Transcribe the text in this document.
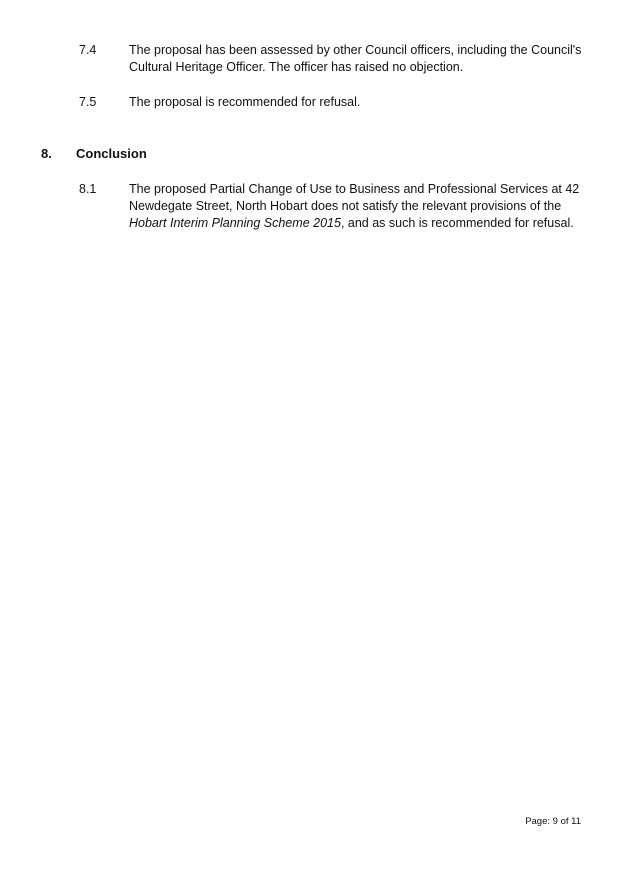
7.4	The proposal has been assessed by other Council officers, including the Council's
Cultural Heritage Officer. The officer has raised no objection.
7.5	The proposal is recommended for refusal.
8. Conclusion
8.1	The proposed Partial Change of Use to Business and Professional Services at 42
Newdegate Street, North Hobart does not satisfy the relevant provisions of the
Hobart Interim Planning Scheme 2015, and as such is recommended for refusal.
Page: 9 of 11
